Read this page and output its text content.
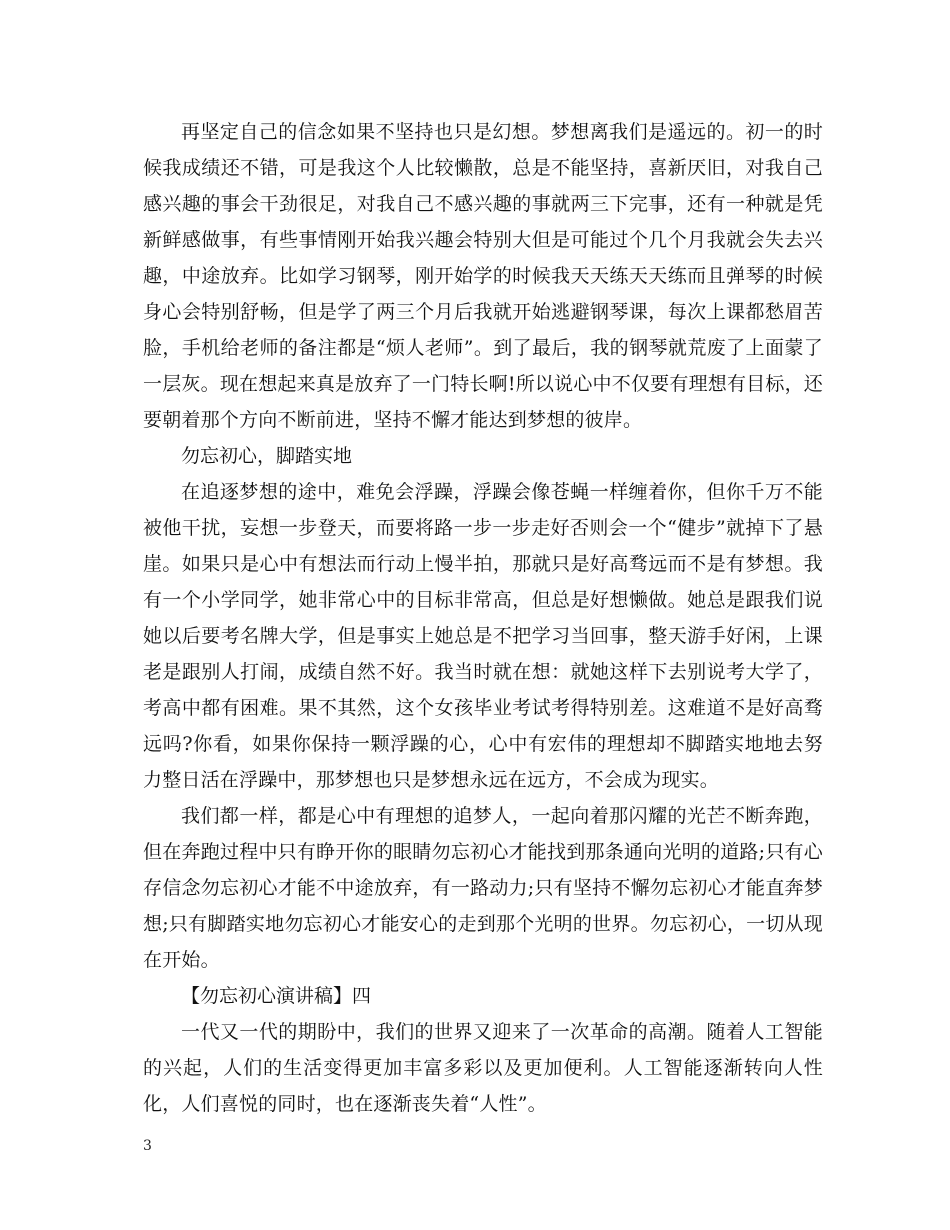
再坚定自己的信念如果不坚持也只是幻想。梦想离我们是遥远的。初一的时候我成绩还不错，可是我这个人比较懒散，总是不能坚持，喜新厌旧，对我自己感兴趣的事会干劲很足，对我自己不感兴趣的事就两三下完事，还有一种就是凭新鲜感做事，有些事情刚开始我兴趣会特别大但是可能过个几个月我就会失去兴趣，中途放弃。比如学习钢琴，刚开始学的时候我天天练天天练而且弹琴的时候身心会特别舒畅，但是学了两三个月后我就开始逃避钢琴课，每次上课都愁眉苦脸，手机给老师的备注都是“烦人老师”。到了最后，我的钢琴就荒废了上面蒙了一层灰。现在想起来真是放弃了一门特长啊!所以说心中不仅要有理想有目标，还要朝着那个方向不断前进，坚持不懈才能达到梦想的彼岸。

勿忘初心，脚踏实地

在追逐梦想的途中，难免会浮躁，浮躁会像苍蝇一样缠着你，但你千万不能被他干扰，妄想一步登天，而要将路一步一步走好否则会一个“健步”就掉下了悬崖。如果只是心中有想法而行动上慢半拍，那就只是好高骛远而不是有梦想。我有一个小学同学，她非常心中的目标非常高，但总是好想懒做。她总是跟我们说她以后要考名牌大学，但是事实上她总是不把学习当回事，整天游手好闲，上课老是跟别人打闹，成绩自然不好。我当时就在想：就她这样下去别说考大学了，考高中都有困难。果不其然，这个女孩毕业考试考得特别差。这难道不是好高骛远吗?你看，如果你保持一颗浮躁的心，心中有宏伟的理想却不脚踏实地地去努力整日活在浮躁中，那梦想也只是梦想永远在远方，不会成为现实。

我们都一样，都是心中有理想的追梦人，一起向着那闪耀的光芒不断奔跑，但在奔跑过程中只有睁开你的眼睛勿忘初心才能找到那条通向光明的道路;只有心存信念勿忘初心才能不中途放弃，有一路动力;只有坚持不懈勿忘初心才能直奔梦想;只有脚踏实地勿忘初心才能安心的走到那个光明的世界。勿忘初心，一切从现在开始。

【勿忘初心演讲稿】四

一代又一代的期盼中，我们的世界又迎来了一次革命的高潮。随着人工智能的兴起，人们的生活变得更加丰富多彩以及更加便利。人工智能逐渐转向人性化，人们喜悦的同时，也在逐渐丧失着“人性”。

3
